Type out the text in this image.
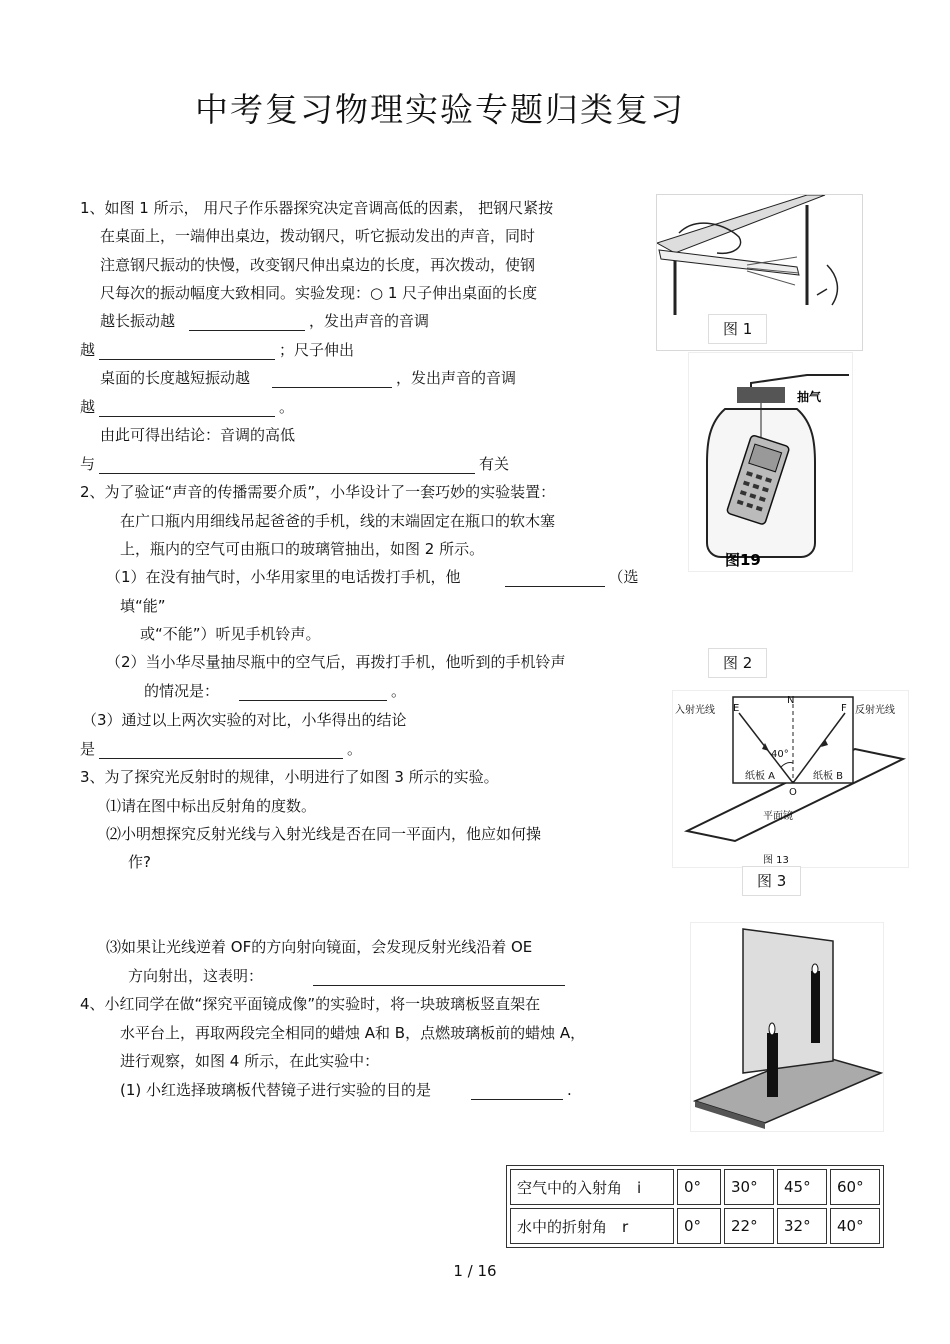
中考复习物理实验专题归类复习
1、如图 1 所示， 用尺子作乐器探究决定音调高低的因素， 把钢尺紧按
在桌面上，一端伸出桌边，拨动钢尺，听它振动发出的声音，同时
注意钢尺振动的快慢，改变钢尺伸出桌边的长度，再次拨动，使钢
尺每次的振动幅度大致相同。实验发现：○ 1 尺子伸出桌面的长度
越长振动越	，发出声音的音调
越	；尺子伸出
桌面的长度越短振动越	，发出声音的音调
越	。
由此可得出结论：音调的高低
与	有关
2、为了验证“声音的传播需要介质”，小华设计了一套巧妙的实验装置：
在广口瓶内用细线吊起爸爸的手机，线的末端固定在瓶口的软木塞
上，瓶内的空气可由瓶口的玻璃管抽出，如图 2 所示。
（1）在没有抽气时，小华用家里的电话拨打手机，他	（选
填“能”
或“不能”）听见手机铃声。
（2）当小华尽量抽尽瓶中的空气后，再拨打手机，他听到的手机铃声
的情况是：	。
（3）通过以上两次实验的对比，小华得出的结论
是	。
3、为了探究光反射时的规律，小明进行了如图 3 所示的实验。
⑴请在图中标出反射角的度数。
⑵小明想探究反射光线与入射光线是否在同一平面内，他应如何操
作?
⑶如果让光线逆着 OF的方向射向镜面，会发现反射光线沿着 OE
方向射出，这表明：
4、小红同学在做“探究平面镜成像”的实验时，将一块玻璃板竖直架在
水平台上，再取两段完全相同的蜡烛 A和 B，点燃玻璃板前的蜡烛 A，
进行观察，如图 4 所示，在此实验中：
(1) 小红选择玻璃板代替镜子进行实验的目的是	.
图 1
抽气
图19
图 2
入射光线	反射光线
E	F
N
40°
纸板 A	纸板 B
O
平面镜
图 13
图 3
空气中的入射角　i	0°	30°	45°	60°
水中的折射角　r	0°	22°	32°	40°
1 / 16
